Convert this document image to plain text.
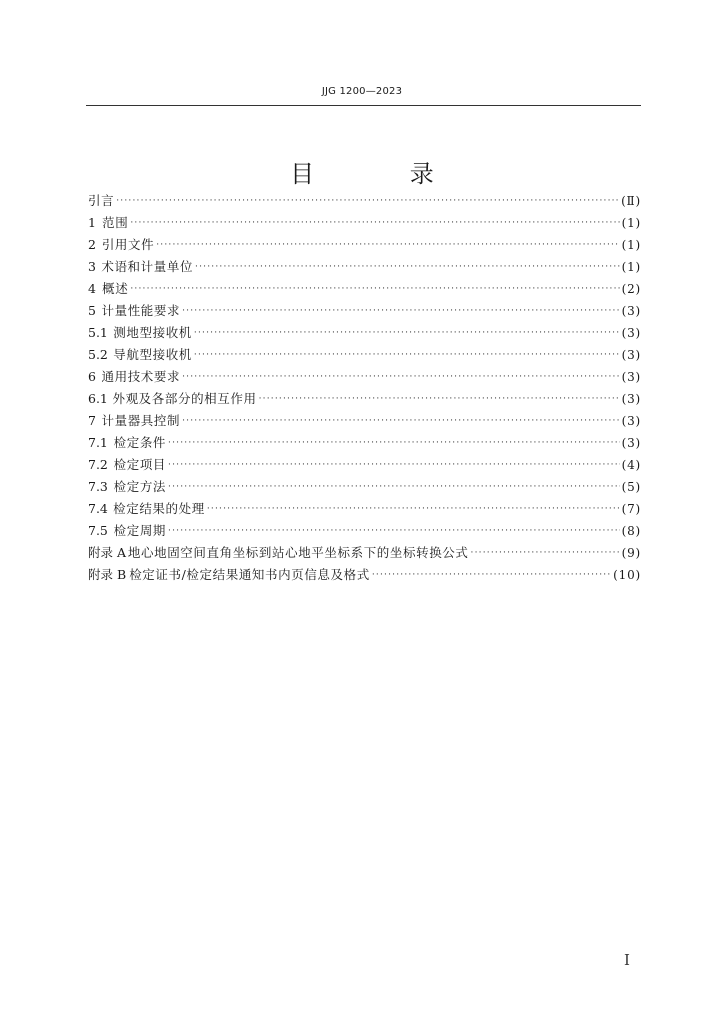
JJG 1200—2023
目 录
引言 ·····	(Ⅱ)
1 范围 ·····	(1)
2 引用文件 ·····	(1)
3 术语和计量单位 ·····	(1)
4 概述 ·····	(2)
5 计量性能要求 ·····	(3)
5.1 测地型接收机 ·····	(3)
5.2 导航型接收机 ·····	(3)
6 通用技术要求 ·····	(3)
6.1 外观及各部分的相互作用 ·····	(3)
7 计量器具控制 ·····	(3)
7.1 检定条件 ·····	(3)
7.2 检定项目 ·····	(4)
7.3 检定方法 ·····	(5)
7.4 检定结果的处理 ·····	(7)
7.5 检定周期 ·····	(8)
附录 A 地心地固空间直角坐标到站心地平坐标系下的坐标转换公式 ·····	(9)
附录 B 检定证书/检定结果通知书内页信息及格式 ·····	(10)
I
